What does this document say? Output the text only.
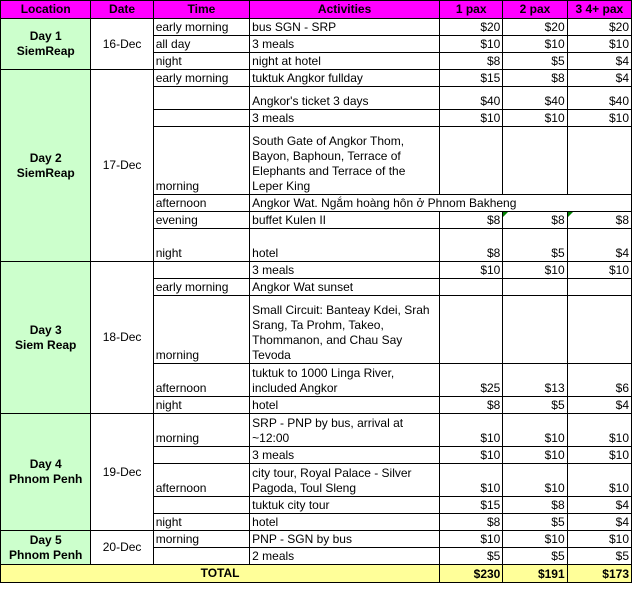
Location	Date	Time	Activities	1 pax	2 pax	3 4+ pax
Day 1
SiemReap	16-Dec	early morning	bus SGN - SRP	$20	$20	$20
		all day	3 meals	$10	$10	$10
		night	night at hotel	$8	$5	$4
Day 2
SiemReap	17-Dec	early morning	tuktuk Angkor fullday	$15	$8	$4
			Angkor's ticket 3 days	$40	$40	$40
			3 meals	$10	$10	$10
		morning	South Gate of Angkor Thom, Bayon, Baphoun, Terrace of Elephants and Terrace of the Leper King			
		afternoon	Angkor Wat. Ngắm hoàng hôn ở Phnom Bakheng			
		evening	buffet Kulen II	$8	$8	$8
		night	hotel	$8	$5	$4
Day 3
Siem Reap	18-Dec		3 meals	$10	$10	$10
		early morning	Angkor Wat sunset			
		morning	Small Circuit: Banteay Kdei, Srah Srang, Ta Prohm, Takeo, Thommanon, and Chau Say Tevoda			
		afternoon	tuktuk to 1000 Linga River, included Angkor	$25	$13	$6
		night	hotel	$8	$5	$4
Day 4
Phnom Penh	19-Dec	morning	SRP - PNP by bus, arrival at ~12:00	$10	$10	$10
			3 meals	$10	$10	$10
		afternoon	city tour, Royal Palace - Silver Pagoda, Toul Sleng	$10	$10	$10
			tuktuk city tour	$15	$8	$4
		night	hotel	$8	$5	$4
Day 5
Phnom Penh	20-Dec	morning	PNP - SGN by bus	$10	$10	$10
			2 meals	$5	$5	$5
TOTAL				$230	$191	$173
